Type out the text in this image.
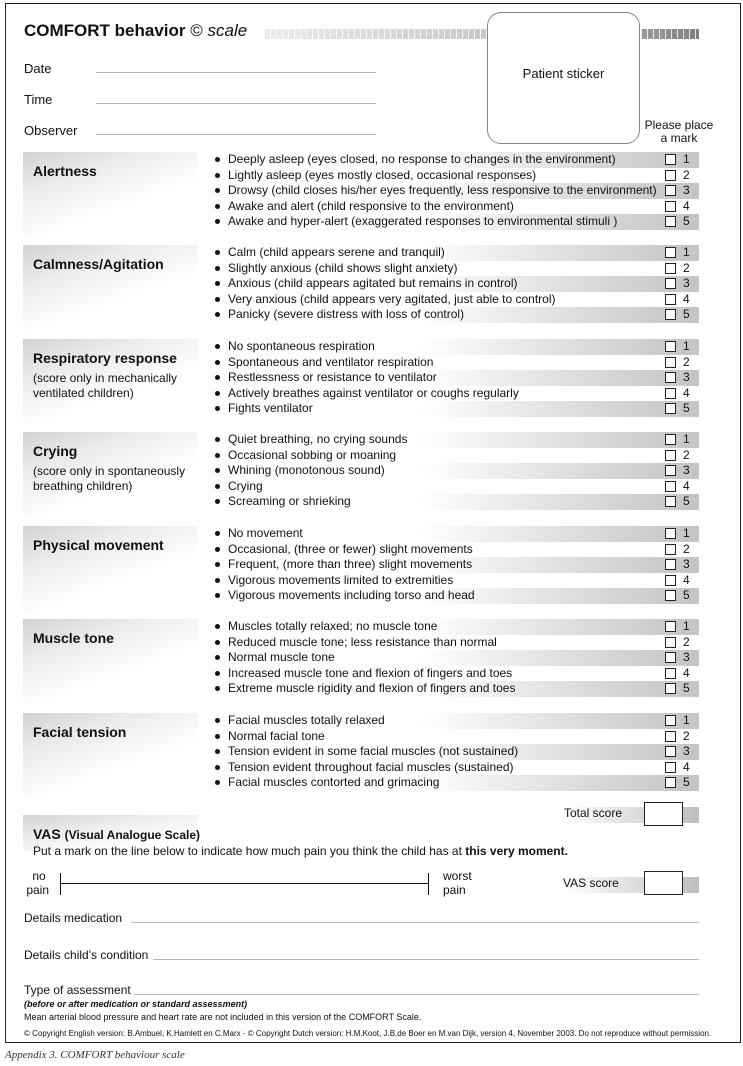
COMFORT behavior © scale
Date
Time
Observer
Patient sticker
Please place a mark
Alertness
Deeply asleep (eyes closed, no response to changes in the environment)	1
Lightly asleep (eyes mostly closed, occasional responses)	2
Drowsy (child closes his/her eyes frequently, less responsive to the environment) 3
Awake and alert (child responsive to the environment)	4
Awake and hyper-alert (exaggerated responses to environmental stimuli )	5
Calmness/Agitation
Calm (child appears serene and tranquil)	1
Slightly anxious (child shows slight anxiety)	2
Anxious (child appears agitated but remains in control)	3
Very anxious (child appears very agitated, just able to control)	4
Panicky (severe distress with loss of control)	5
Respiratory response
(score only in mechanically ventilated children)
No spontaneous respiration	1
Spontaneous and ventilator respiration	2
Restlessness or resistance to ventilator	3
Actively breathes against ventilator or coughs regularly	4
Fights ventilator	5
Crying
(score only in spontaneously breathing children)
Quiet breathing, no crying sounds	1
Occasional sobbing or moaning	2
Whining (monotonous sound)	3
Crying	4
Screaming or shrieking	5
Physical movement
No movement	1
Occasional, (three or fewer) slight movements	2
Frequent, (more than three) slight movements	3
Vigorous movements limited to extremities	4
Vigorous movements including torso and head	5
Muscle tone
Muscles totally relaxed; no muscle tone	1
Reduced muscle tone; less resistance than normal	2
Normal muscle tone	3
Increased muscle tone and flexion of fingers and toes	4
Extreme muscle rigidity and flexion of fingers and toes	5
Facial tension
Facial muscles totally relaxed	1
Normal facial tone	2
Tension evident in some facial muscles (not sustained)	3
Tension evident throughout facial muscles (sustained)	4
Facial muscles contorted and grimacing	5
Total score
VAS (Visual Analogue Scale)
Put a mark on the line below to indicate how much pain you think the child has at this very moment.
no
pain
worst
pain	VAS score
Details medication
Details child's condition
Type of assessment
(before or after medication or standard assessment)
Mean arterial blood pressure and heart rate are not included in this version of the COMFORT Scale.
© Copyright English version: B.Ambuel, K.Hamlett en C.Marx - © Copyright Dutch version: H.M.Koot, J.B.de Boer en M.van Dijk, version 4, November 2003. Do not reproduce without permission.
Appendix 3. COMFORT behaviour scale
